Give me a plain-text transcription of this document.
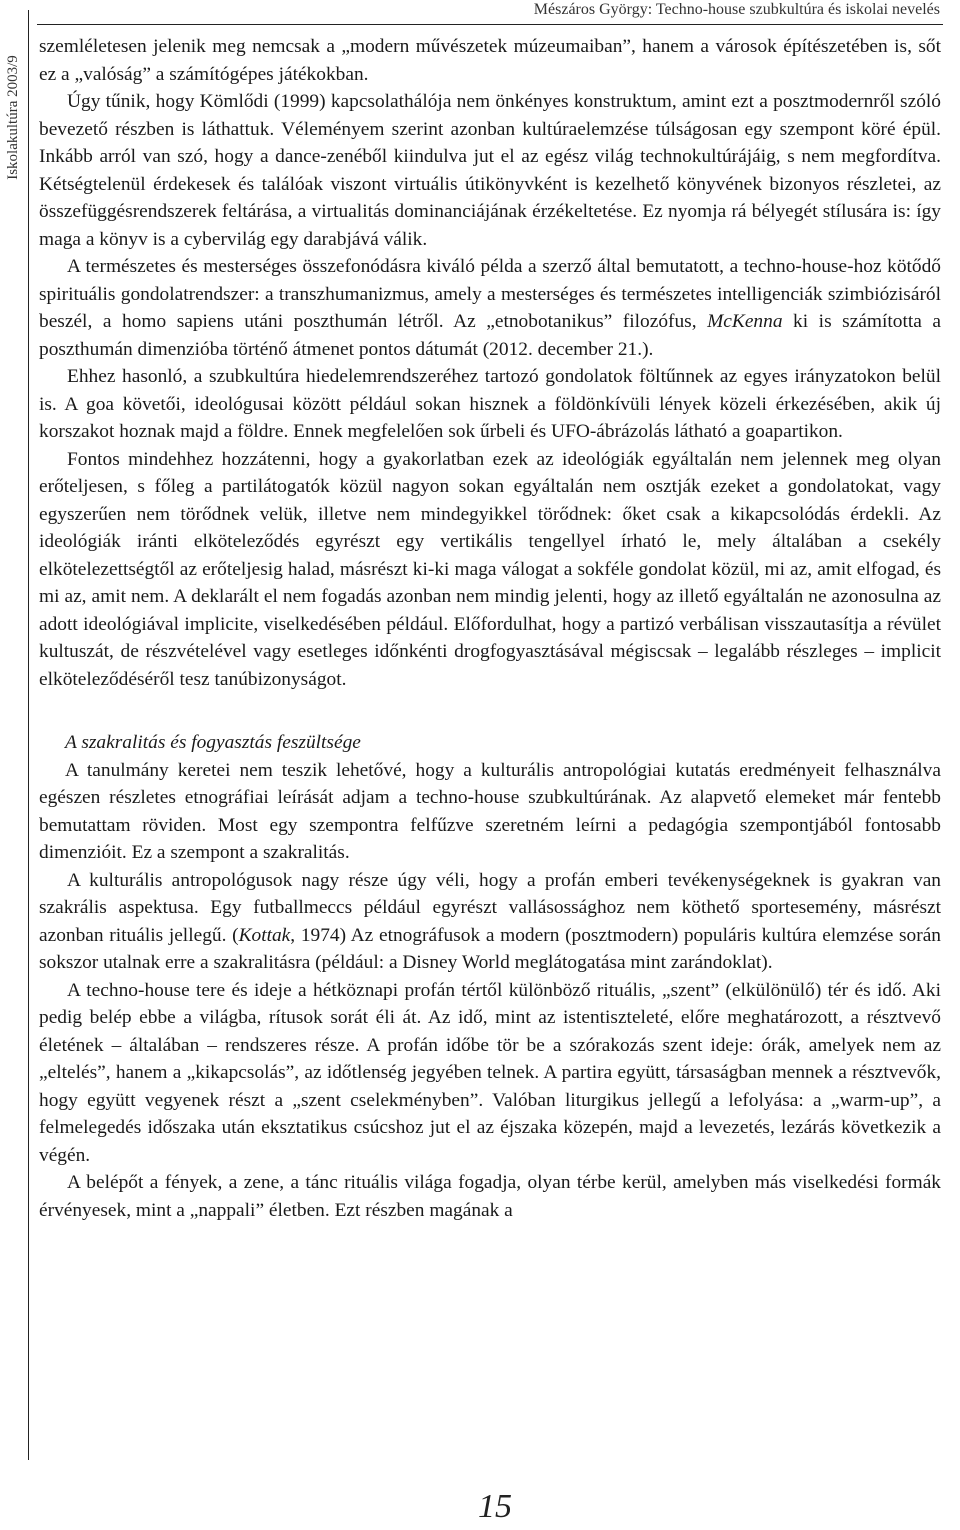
Mészáros György: Techno-house szubkultúra és iskolai nevelés
Iskolakultúra 2003/9

szemléletesen jelenik meg nemcsak a „modern művészetek múzeumaiban”, hanem a városok építészetében is, sőt ez a „valóság” a számítógépes játékokban.

Úgy tűnik, hogy Kömlődi (1999) kapcsolathálója nem önkényes konstruktum, amint ezt a posztmodernről szóló bevezető részben is láthattuk. Véleményem szerint azonban kultúraelemzése túlságosan egy szempont köré épül. Inkább arról van szó, hogy a dance-zenéből kiindulva jut el az egész világ technokultúrájáig, s nem megfordítva. Kétségtelenül érdekesek és találóak viszont virtuális útikönyvként is kezelhető könyvének bizonyos részletei, az összefüggésrendszerek feltárása, a virtualitás dominanciájának érzékeltetése. Ez nyomja rá bélyegét stílusára is: így maga a könyv is a cybervilág egy darabjává válik.

A természetes és mesterséges összefonódásra kiváló példa a szerző által bemutatott, a techno-house-hoz kötődő spirituális gondolatrendszer: a transzhumanizmus, amely a mesterséges és természetes intelligenciák szimbiózisáról beszél, a homo sapiens utáni poszthumán létről. Az „etnobotanikus” filozófus, McKenna ki is számította a poszthumán dimenzióba történő átmenet pontos dátumát (2012. december 21.).

Ehhez hasonló, a szubkultúra hiedelemrendszeréhez tartozó gondolatok föltűnnek az egyes irányzatokon belül is. A goa követői, ideológusai között például sokan hisznek a földönkívüli lények közeli érkezésében, akik új korszakot hoznak majd a földre. Ennek megfelelően sok űrbeli és UFO-ábrázolás látható a goapartikon.

Fontos mindehhez hozzátenni, hogy a gyakorlatban ezek az ideológiák egyáltalán nem jelennek meg olyan erőteljesen, s főleg a partilátogatók közül nagyon sokan egyáltalán nem osztják ezeket a gondolatokat, vagy egyszerűen nem törődnek velük, illetve nem mindegyikkel törődnek: őket csak a kikapcsolódás érdekli. Az ideológiák iránti elköteleződés egyrészt egy vertikális tengellyel írható le, mely általában a csekély elkötelezettségtől az erőteljesig halad, másrészt ki-ki maga válogat a sokféle gondolat közül, mi az, amit elfogad, és mi az, amit nem. A deklarált el nem fogadás azonban nem mindig jelenti, hogy az illető egyáltalán ne azonosulna az adott ideológiával implicite, viselkedésében például. Előfordulhat, hogy a partizó verbálisan visszautasítja a révület kultuszát, de részvételével vagy esetleges időnkénti drogfogyasztásával mégiscsak – legalább részleges – implicit elköteleződéséről tesz tanúbizonyságot.

A szakralitás és fogyasztás feszültsége

A tanulmány keretei nem teszik lehetővé, hogy a kulturális antropológiai kutatás eredményeit felhasználva egészen részletes etnográfiai leírását adjam a techno-house szubkultúrának. Az alapvető elemeket már fentebb bemutattam röviden. Most egy szempontra felfűzve szeretném leírni a pedagógia szempontjából fontosabb dimenzióit. Ez a szempont a szakralitás.

A kulturális antropológusok nagy része úgy véli, hogy a profán emberi tevékenységeknek is gyakran van szakrális aspektusa. Egy futballmeccs például egyrészt vallásossághoz nem köthető sportesemény, másrészt azonban rituális jellegű. (Kottak, 1974) Az etnográfusok a modern (posztmodern) populáris kultúra elemzése során sokszor utalnak erre a szakralitásra (például: a Disney World meglátogatása mint zarándoklat).

A techno-house tere és ideje a hétköznapi profán tértől különböző rituális, „szent” (elkülönülő) tér és idő. Aki pedig belép ebbe a világba, rítusok sorát éli át. Az idő, mint az istentiszteleté, előre meghatározott, a résztvevő életének – általában – rendszeres része. A profán időbe tör be a szórakozás szent ideje: órák, amelyek nem az „eltelés”, hanem a „kikapcsolás”, az időtlenség jegyében telnek. A partira együtt, társaságban mennek a résztvevők, hogy együtt vegyenek részt a „szent cselekményben”. Valóban liturgikus jellegű a lefolyása: a „warm-up”, a felmelegedés időszaka után eksztatikus csúcshoz jut el az éjszaka közepén, majd a levezetés, lezárás következik a végén.

A belépőt a fények, a zene, a tánc rituális világa fogadja, olyan térbe kerül, amelyben más viselkedési formák érvényesek, mint a „nappali” életben. Ezt részben magának a

15
